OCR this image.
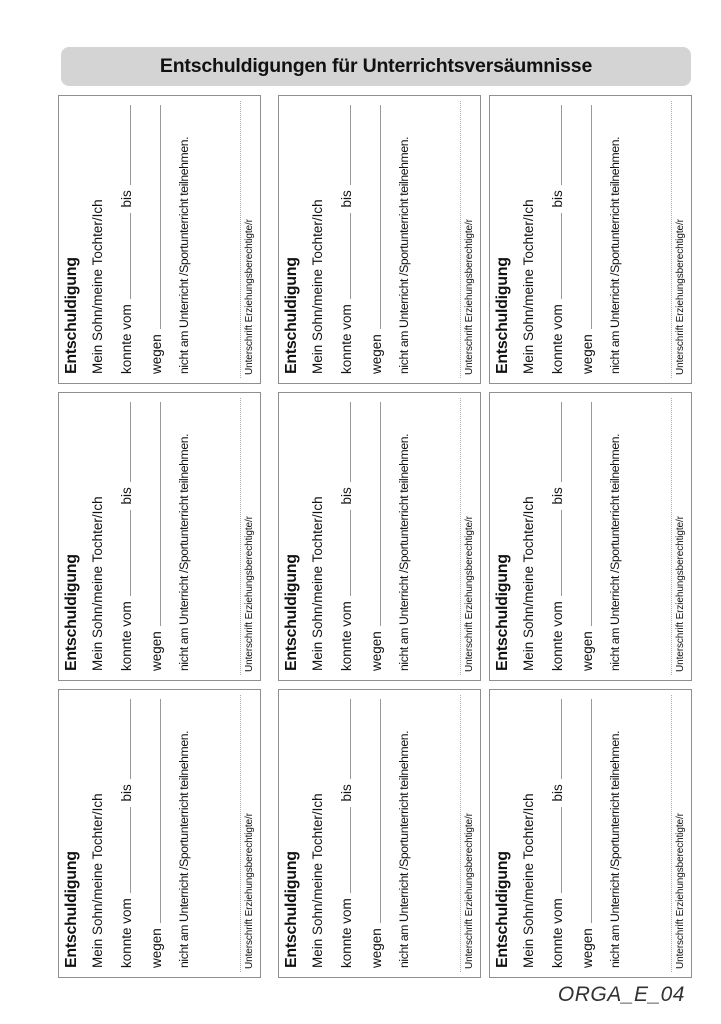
Entschuldigungen für Unterrichtsversäumnisse
Entschuldigung Mein Sohn/meine Tochter/Ich konnte vom
bis
wegen nicht am Unterricht /Sportunterricht teilnehmen.	Unterschrift Erziehungsberechtigte/r Entschuldigung Mein Sohn/meine Tochter/Ich konnte vom
bis
wegen nicht am Unterricht /Sportunterricht teilnehmen.	Unterschrift Erziehungsberechtigte/r Entschuldigung Mein Sohn/meine Tochter/Ich konnte vom
bis
wegen nicht am Unterricht /Sportunterricht teilnehmen.	Unterschrift Erziehungsberechtigte/r
Entschuldigung Mein Sohn/meine Tochter/Ich konnte vom
bis
wegen nicht am Unterricht /Sportunterricht teilnehmen.	Unterschrift Erziehungsberechtigte/r Entschuldigung Mein Sohn/meine Tochter/Ich konnte vom
bis
wegen nicht am Unterricht /Sportunterricht teilnehmen.	Unterschrift Erziehungsberechtigte/r Entschuldigung Mein Sohn/meine Tochter/Ich konnte vom
bis
wegen nicht am Unterricht /Sportunterricht teilnehmen.	Unterschrift Erziehungsberechtigte/r
Entschuldigung Mein Sohn/meine Tochter/Ich konnte vom
bis
wegen nicht am Unterricht /Sportunterricht teilnehmen.	Unterschrift Erziehungsberechtigte/r Entschuldigung Mein Sohn/meine Tochter/Ich konnte vom
bis
wegen nicht am Unterricht /Sportunterricht teilnehmen.	Unterschrift Erziehungsberechtigte/r Entschuldigung Mein Sohn/meine Tochter/Ich konnte vom
bis
wegen nicht am Unterricht /Sportunterricht teilnehmen.	Unterschrift Erziehungsberechtigte/r
ORGA_E_04
